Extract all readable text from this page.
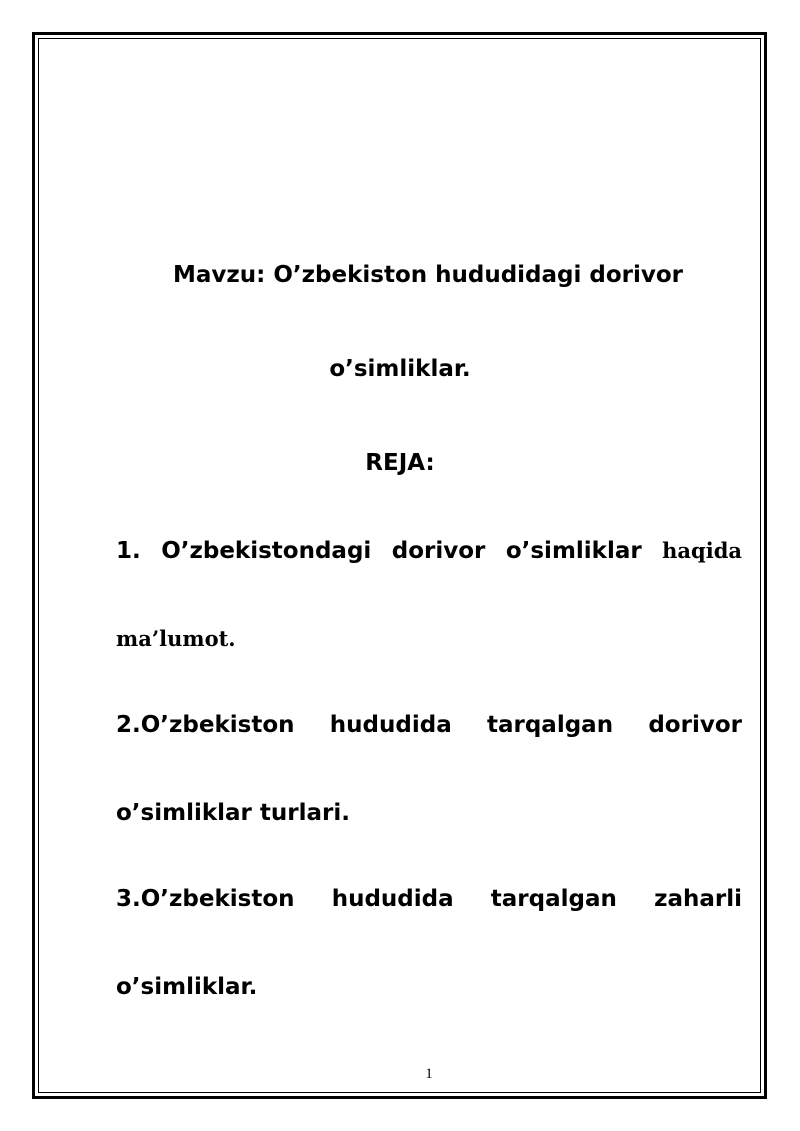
Mavzu: O’zbekiston hududidagi dorivor
o’simliklar.
REJA:
1. O’zbekistondagi dorivor o’simliklar haqida
ma’lumot.
2.O’zbekiston hududida tarqalgan dorivor
o’simliklar turlari.
3.O’zbekiston hududida tarqalgan zaharli
o’simliklar.
1
